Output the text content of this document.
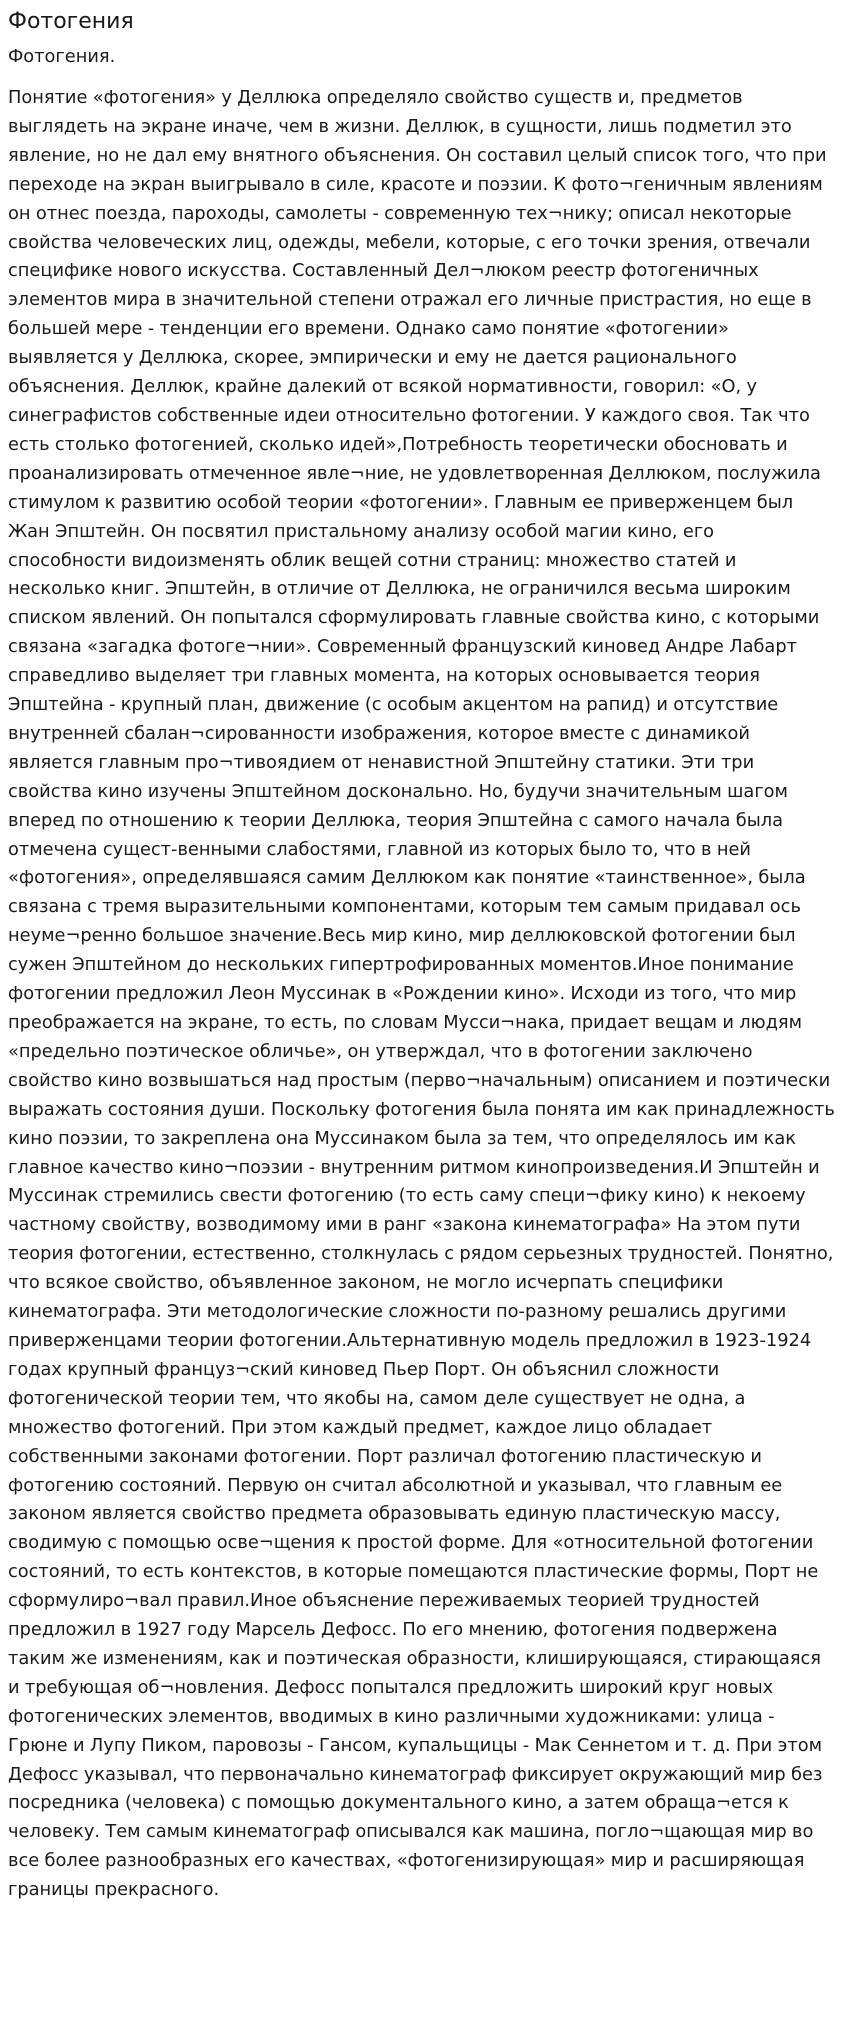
Фотогения

Фотогения.

Понятие «фотогения» у Деллюка определяло свойство существ и, предметов выглядеть на экране иначе, чем в жизни. Деллюк, в сущности, лишь подметил это явление, но не дал ему внятного объяснения. Он составил целый список того, что при переходе на экран выигрывало в силе, красоте и поэзии. К фото¬геничным явлениям он отнес поезда, пароходы, самолеты - современную тех¬нику; описал некоторые свойства человеческих лиц, одежды, мебели, которые, с его точки зрения, отвечали специфике нового искусства. Составленный Дел¬люком реестр фотогеничных элементов мира в значительной степени отражал его личные пристрастия, но еще в большей мере - тенденции его времени. Однако само понятие «фотогении» выявляется у Деллюка, скорее, эмпирически и ему не дается рационального объяснения. Деллюк, крайне далекий от всякой нормативности, говорил: «О, у синеграфистов собственные идеи относительно фотогении. У каждого своя. Так что есть столько фотогенией, сколько идей»,Потребность теоретически обосновать и проанализировать отмеченное явле¬ние, не удовлетворенная Деллюком, послужила стимулом к развитию особой теории «фотогении». Главным ее приверженцем был Жан Эпштейн. Он посвятил пристальному анализу особой магии кино, его способности видоизменять облик вещей сотни страниц: множество статей и несколько книг. Эпштейн, в отличие от Деллюка, не ограничился весьма широким списком явлений. Он попытался сформулировать главные свойства кино, с которыми связана «загадка фотоге¬нии». Современный французский киновед Андре Лабарт справедливо выделяет три главных момента, на которых основывается теория Эпштейна - крупный план, движение (с особым акцентом на рапид) и отсутствие внутренней сбалан¬сированности изображения, которое вместе с динамикой является главным про¬тивоядием от ненавистной Эпштейну статики. Эти три свойства кино изучены Эпштейном досконально. Но, будучи значительным шагом вперед по отношению к теории Деллюка, теория Эпштейна с самого начала была отмечена сущест-венными слабостями, главной из которых было то, что в ней «фотогения», определявшаяся самим Деллюком как понятие «таинственное», была связана с тремя выразительными компонентами, которым тем самым придавал ось неуме¬ренно большое значение.Весь мир кино, мир деллюковской фотогении был сужен Эпштейном до нескольких гипертрофированных моментов.Иное понимание фотогении предложил Леон Муссинак в «Рождении кино». Исходи из того, что мир преображается на экране, то есть, по словам Мусси¬нака, придает вещам и людям «предельно поэтическое обличье», он утверждал, что в фотогении заключено свойство кино возвышаться над простым (перво¬начальным) описанием и поэтически выражать состояния души. Поскольку фотогения была понята им как принадлежность кино поэзии, то закреплена она Муссинаком была за тем, что определялось им как главное качество кино¬поэзии - внутренним ритмом кинопроизведения.И Эпштейн и Муссинак стремились свести фотогению (то есть саму специ¬фику кино) к некоему частному свойству, возводимому ими в ранг «закона кинематографа» На этом пути теория фотогении, естественно, столкнулась с рядом серьезных трудностей. Понятно, что всякое свойство, объявленное законом, не могло исчерпать специфики кинематографа. Эти методологические сложности по-разному решались другими приверженцами теории фотогении.Альтернативную модель предложил в 1923-1924 годах крупный француз¬ский киновед Пьер Порт. Он объяснил сложности фотогенической теории тем, что якобы на, самом деле существует не одна, а множество фотогений. При этом каждый предмет, каждое лицо обладает собственными законами фотогении. Порт различал фотогению пластическую и фотогению состояний. Первую он считал абсолютной и указывал, что главным ее законом является свойство предмета образовывать единую пластическую массу, сводимую с помощью осве¬щения к простой форме. Для «относительной фотогении состояний, то есть контекстов, в которые помещаются пластические формы, Порт не сформулиро¬вал правил.Иное объяснение переживаемых теорией трудностей предложил в 1927 году Марсель Дефосс. По его мнению, фотогения подвержена таким же изменениям, как и поэтическая образности, клиширующаяся, стирающаяся и требующая об¬новления. Дефосс попытался предложить широкий круг новых фотогенических элементов, вводимых в кино различными художниками: улица - Грюне и Лупу Пиком, паровозы - Гансом, купальщицы - Мак Сеннетом и т. д. При этом Дефосс указывал, что первоначально кинематограф фиксирует окружающий мир без посредника (человека) с помощью документального кино, а затем обраща¬ется к человеку. Тем самым кинематограф описывался как машина, погло¬щающая мир во все более разнообразных его качествах, «фотогенизирующая» мир и расширяющая границы прекрасного.
